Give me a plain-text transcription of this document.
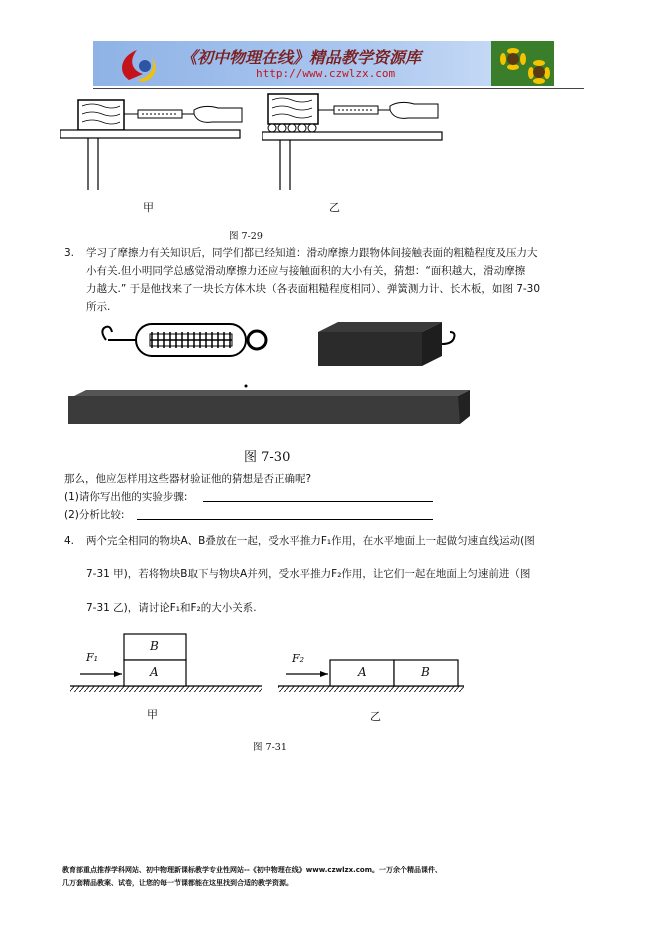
《初中物理在线》精品教学资源库
http://www.czwlzx.com
甲	乙
图 7-29
3. 学习了摩擦力有关知识后，同学们都已经知道：滑动摩擦力跟物体间接触表面的粗糙程度及压力大
小有关.但小明同学总感觉滑动摩擦力还应与接触面积的大小有关，猜想：“面积越大，滑动摩擦
力越大.” 于是他找来了一块长方体木块（各表面粗糙程度相同）、弹簧测力计、长木板，如图 7-30
所示.
图 7-30
那么，他应怎样用这些器材验证他的猜想是否正确呢?
(1)请你写出他的实验步骤:
(2)分析比较:
4. 两个完全相同的物块A、B叠放在一起，受水平推力F₁作用，在水平地面上一起做匀速直线运动(图
7-31 甲)，若将物块B取下与物块A并列，受水平推力F₂作用，让它们一起在地面上匀速前进（图
7-31 乙)，请讨论F₁和F₂的大小关系.
F₁
B
A
F₂
A	B
甲	乙
图 7-31
教育部重点推荐学科网站、初中物理新课标教学专业性网站--《初中物理在线》www.czwlzx.com。一万余个精品课件、
几万套精品教案、试卷，让您的每一节课都能在这里找到合适的教学资源。
